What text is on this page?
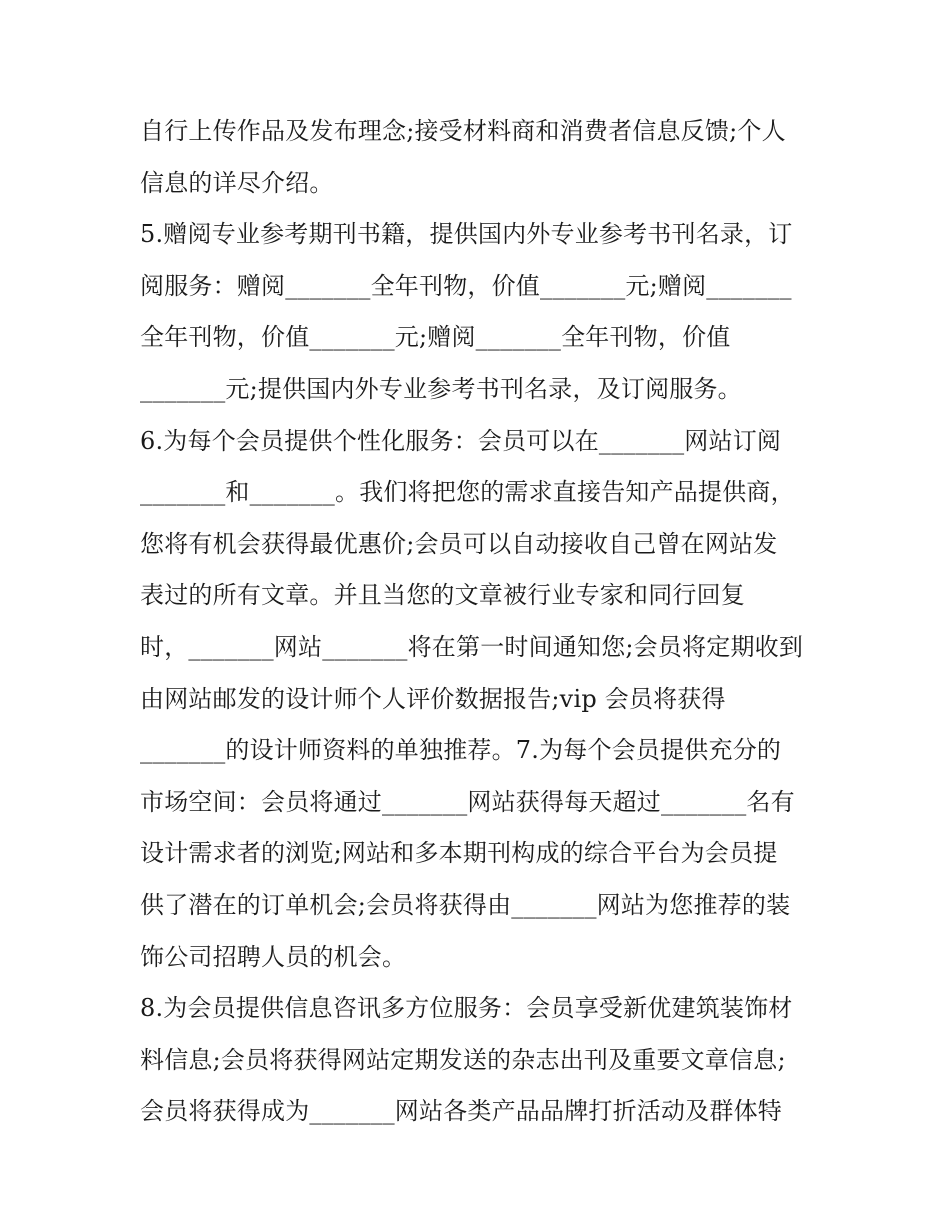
自行上传作品及发布理念;接受材料商和消费者信息反馈;个人
信息的详尽介绍。
5.赠阅专业参考期刊书籍，提供国内外专业参考书刊名录，订
阅服务：赠阅_______全年刊物，价值_______元;赠阅_______
全年刊物，价值_______元;赠阅_______全年刊物，价值
_______元;提供国内外专业参考书刊名录，及订阅服务。
6.为每个会员提供个性化服务：会员可以在_______网站订阅
_______和_______。我们将把您的需求直接告知产品提供商，
您将有机会获得最优惠价;会员可以自动接收自己曾在网站发
表过的所有文章。并且当您的文章被行业专家和同行回复
时，_______网站_______将在第一时间通知您;会员将定期收到
由网站邮发的设计师个人评价数据报告;vip 会员将获得
_______的设计师资料的单独推荐。7.为每个会员提供充分的
市场空间：会员将通过_______网站获得每天超过_______名有
设计需求者的浏览;网站和多本期刊构成的综合平台为会员提
供了潜在的订单机会;会员将获得由_______网站为您推荐的装
饰公司招聘人员的机会。
8.为会员提供信息咨讯多方位服务：会员享受新优建筑装饰材
料信息;会员将获得网站定期发送的杂志出刊及重要文章信息;
会员将获得成为_______网站各类产品品牌打折活动及群体特
